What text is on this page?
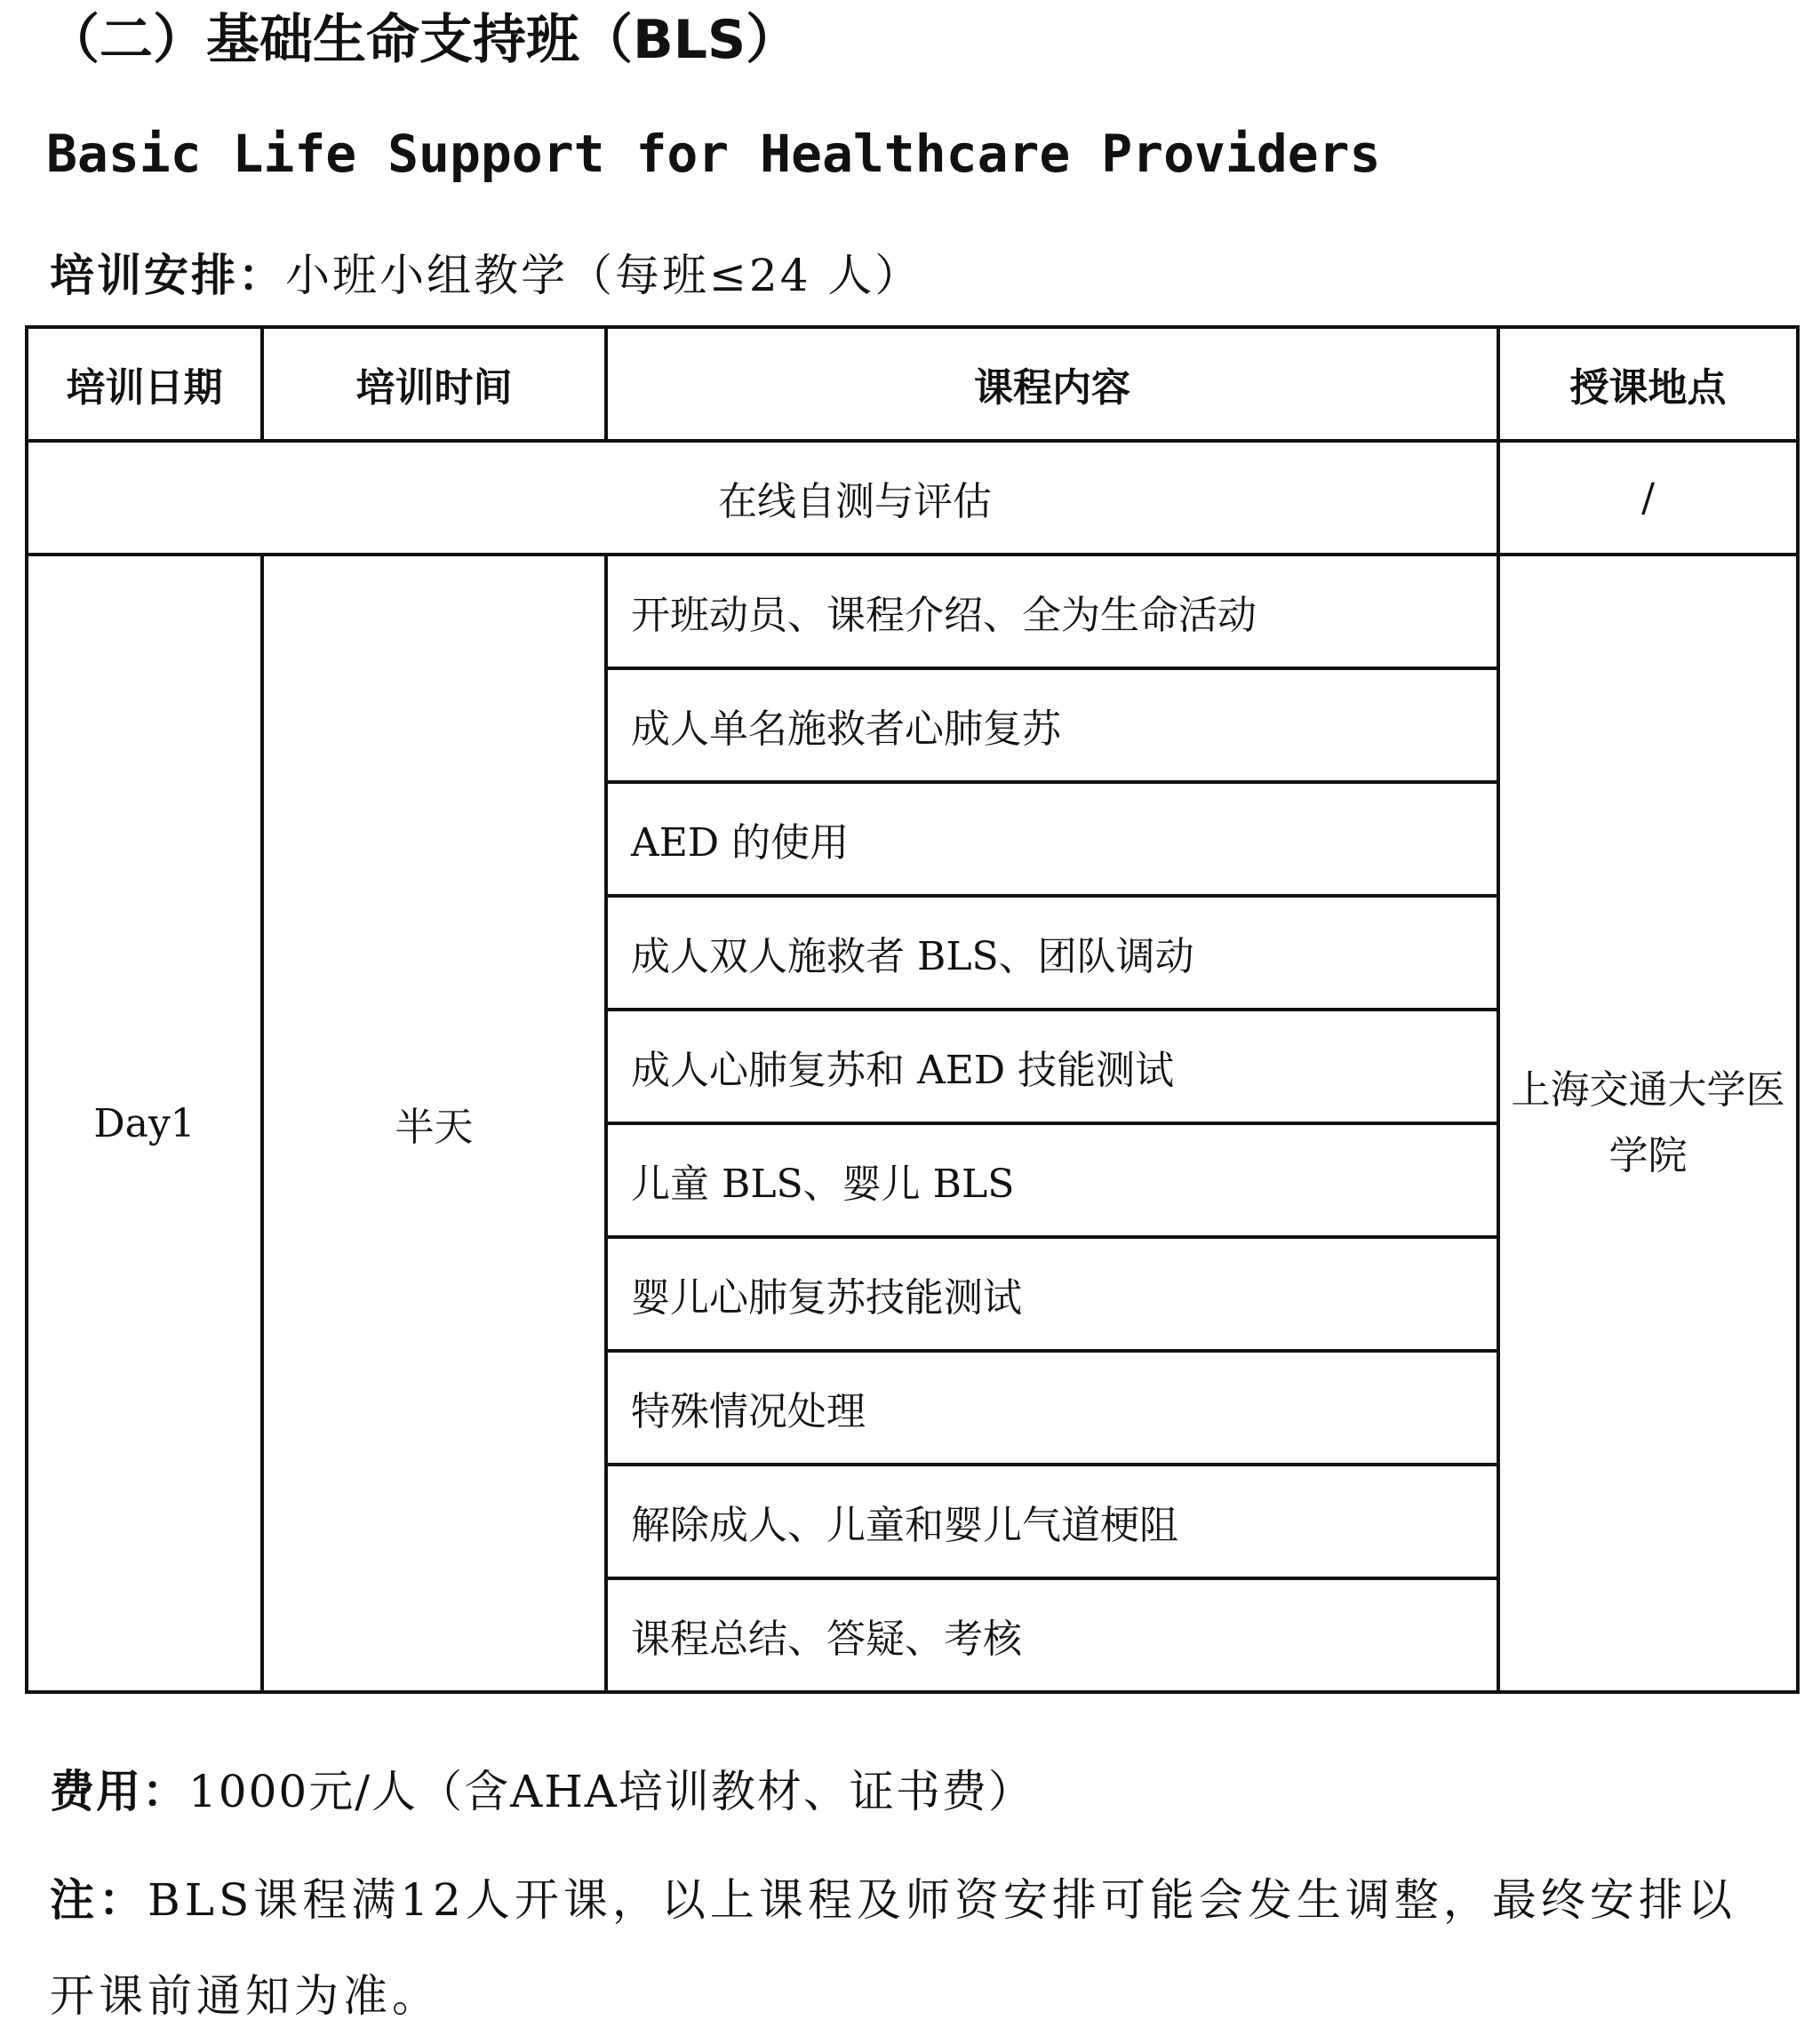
（二）基础生命支持班（BLS）
Basic Life Support for Healthcare Providers

培训安排：小班小组教学（每班≤24 人）

培训日期	培训时间	课程内容	授课地点
在线自测与评估			/
Day1	半天	开班动员、课程介绍、全为生命活动	上海交通大学医学院
		成人单名施救者心肺复苏	
		AED 的使用	
		成人双人施救者 BLS、团队调动	
		成人心肺复苏和 AED 技能测试	
		儿童 BLS、婴儿 BLS	
		婴儿心肺复苏技能测试	
		特殊情况处理	
		解除成人、儿童和婴儿气道梗阻	
		课程总结、答疑、考核	

费用：1000元/人（含AHA培训教材、证书费）

注：BLS课程满12人开课，以上课程及师资安排可能会发生调整，最终安排以开课前通知为准。
